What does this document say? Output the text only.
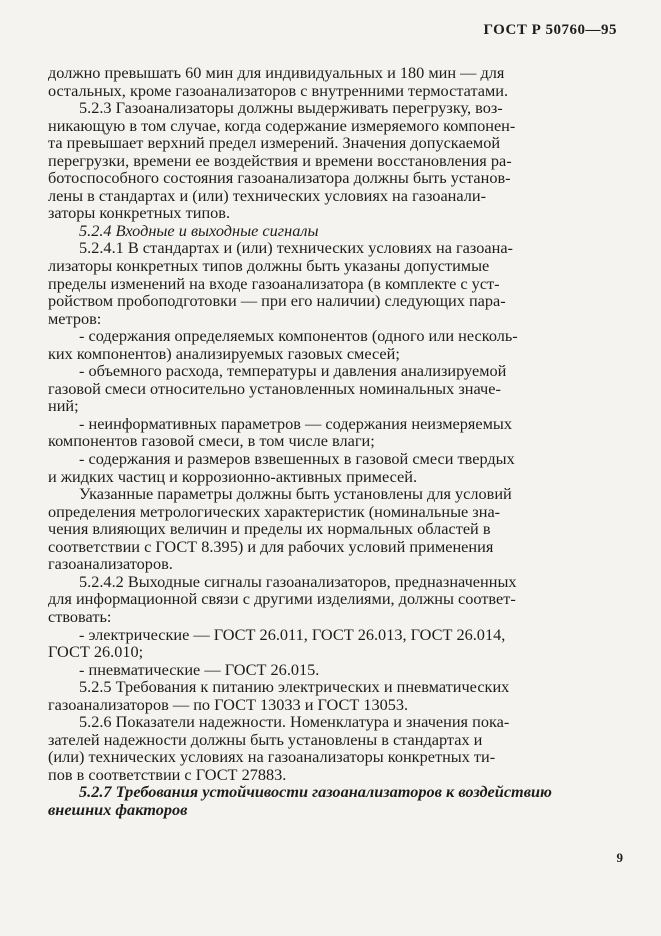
ГОСТ Р 50760—95

должно превышать 60 мин для индивидуальных и 180 мин — для

остальных, кроме газоанализаторов с внутренними термостатами.

5.2.3 Газоанализаторы должны выдерживать перегрузку, воз-

никающую в том случае, когда содержание измеряемого компонен-

та превышает верхний предел измерений. Значения допускаемой

перегрузки, времени ее воздействия и времени восстановления ра-

ботоспособного состояния газоанализатора должны быть установ-

лены в стандартах и (или) технических условиях на газоанали-

заторы конкретных типов.

5.2.4 Входные и выходные сигналы

5.2.4.1 В стандартах и (или) технических условиях на газоана-

лизаторы конкретных типов должны быть указаны допустимые

пределы изменений на входе газоанализатора (в комплекте с уст-

ройством пробоподготовки — при его наличии) следующих пара-

метров:

- содержания определяемых компонентов (одного или несколь-

ких компонентов) анализируемых газовых смесей;

- объемного расхода, температуры и давления анализируемой

газовой смеси относительно установленных номинальных значе-

ний;

- неинформативных параметров — содержания неизмеряемых

компонентов газовой смеси, в том числе влаги;

- содержания и размеров взвешенных в газовой смеси твердых

и жидких частиц и коррозионно-активных примесей.

Указанные параметры должны быть установлены для условий

определения метрологических характеристик (номинальные зна-

чения влияющих величин и пределы их нормальных областей в

соответствии с ГОСТ 8.395) и для рабочих условий применения

газоанализаторов.

5.2.4.2 Выходные сигналы газоанализаторов, предназначенных

для информационной связи с другими изделиями, должны соответ-

ствовать:

- электрические — ГОСТ 26.011, ГОСТ 26.013, ГОСТ 26.014,

ГОСТ 26.010;

- пневматические — ГОСТ 26.015.

5.2.5 Требования к питанию электрических и пневматических

газоанализаторов — по ГОСТ 13033 и ГОСТ 13053.

5.2.6 Показатели надежности. Номенклатура и значения пока-

зателей надежности должны быть установлены в стандартах и

(или) технических условиях на газоанализаторы конкретных ти-

пов в соответствии с ГОСТ 27883.

5.2.7 Требования устойчивости газоанализаторов к воздействию

внешних факторов

9
